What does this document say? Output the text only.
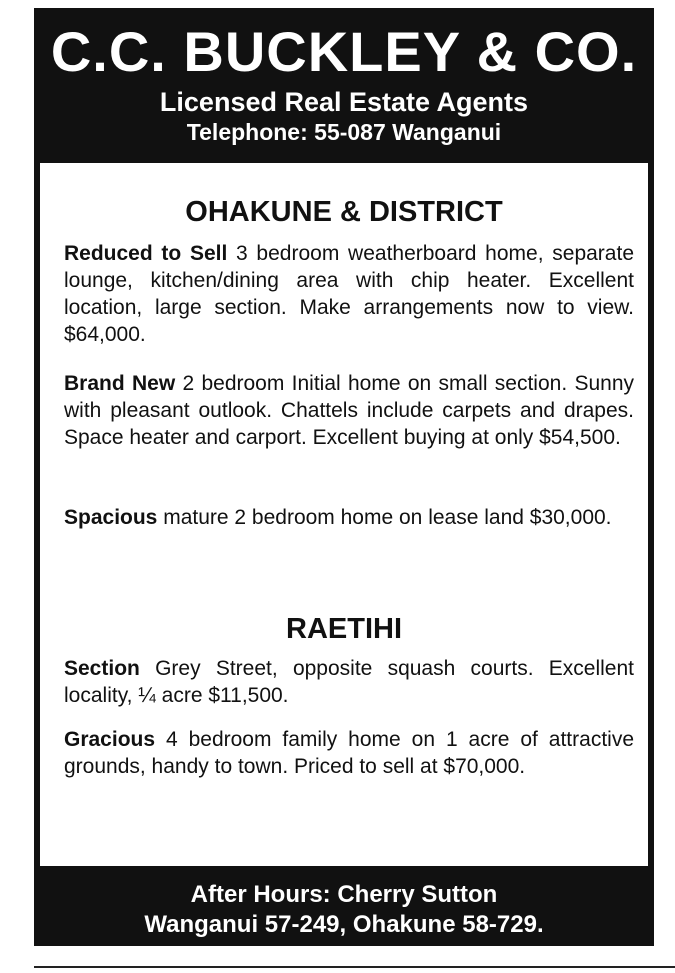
C.C. BUCKLEY & CO.
Licensed Real Estate Agents
Telephone: 55-087 Wanganui
OHAKUNE & DISTRICT
Reduced to Sell 3 bedroom weatherboard home, separate lounge, kitchen/dining area with chip heater. Excellent location, large section. Make arrangements now to view. $64,000.
Brand New 2 bedroom Initial home on small section. Sunny with pleasant outlook. Chattels include carpets and drapes. Space heater and carport. Excellent buying at only $54,500.
Spacious mature 2 bedroom home on lease land $30,000.
RAETIHI
Section Grey Street, opposite squash courts. Excellent locality, ¼ acre $11,500.
Gracious 4 bedroom family home on 1 acre of attractive grounds, handy to town. Priced to sell at $70,000.
After Hours: Cherry Sutton
Wanganui 57-249, Ohakune 58-729.
